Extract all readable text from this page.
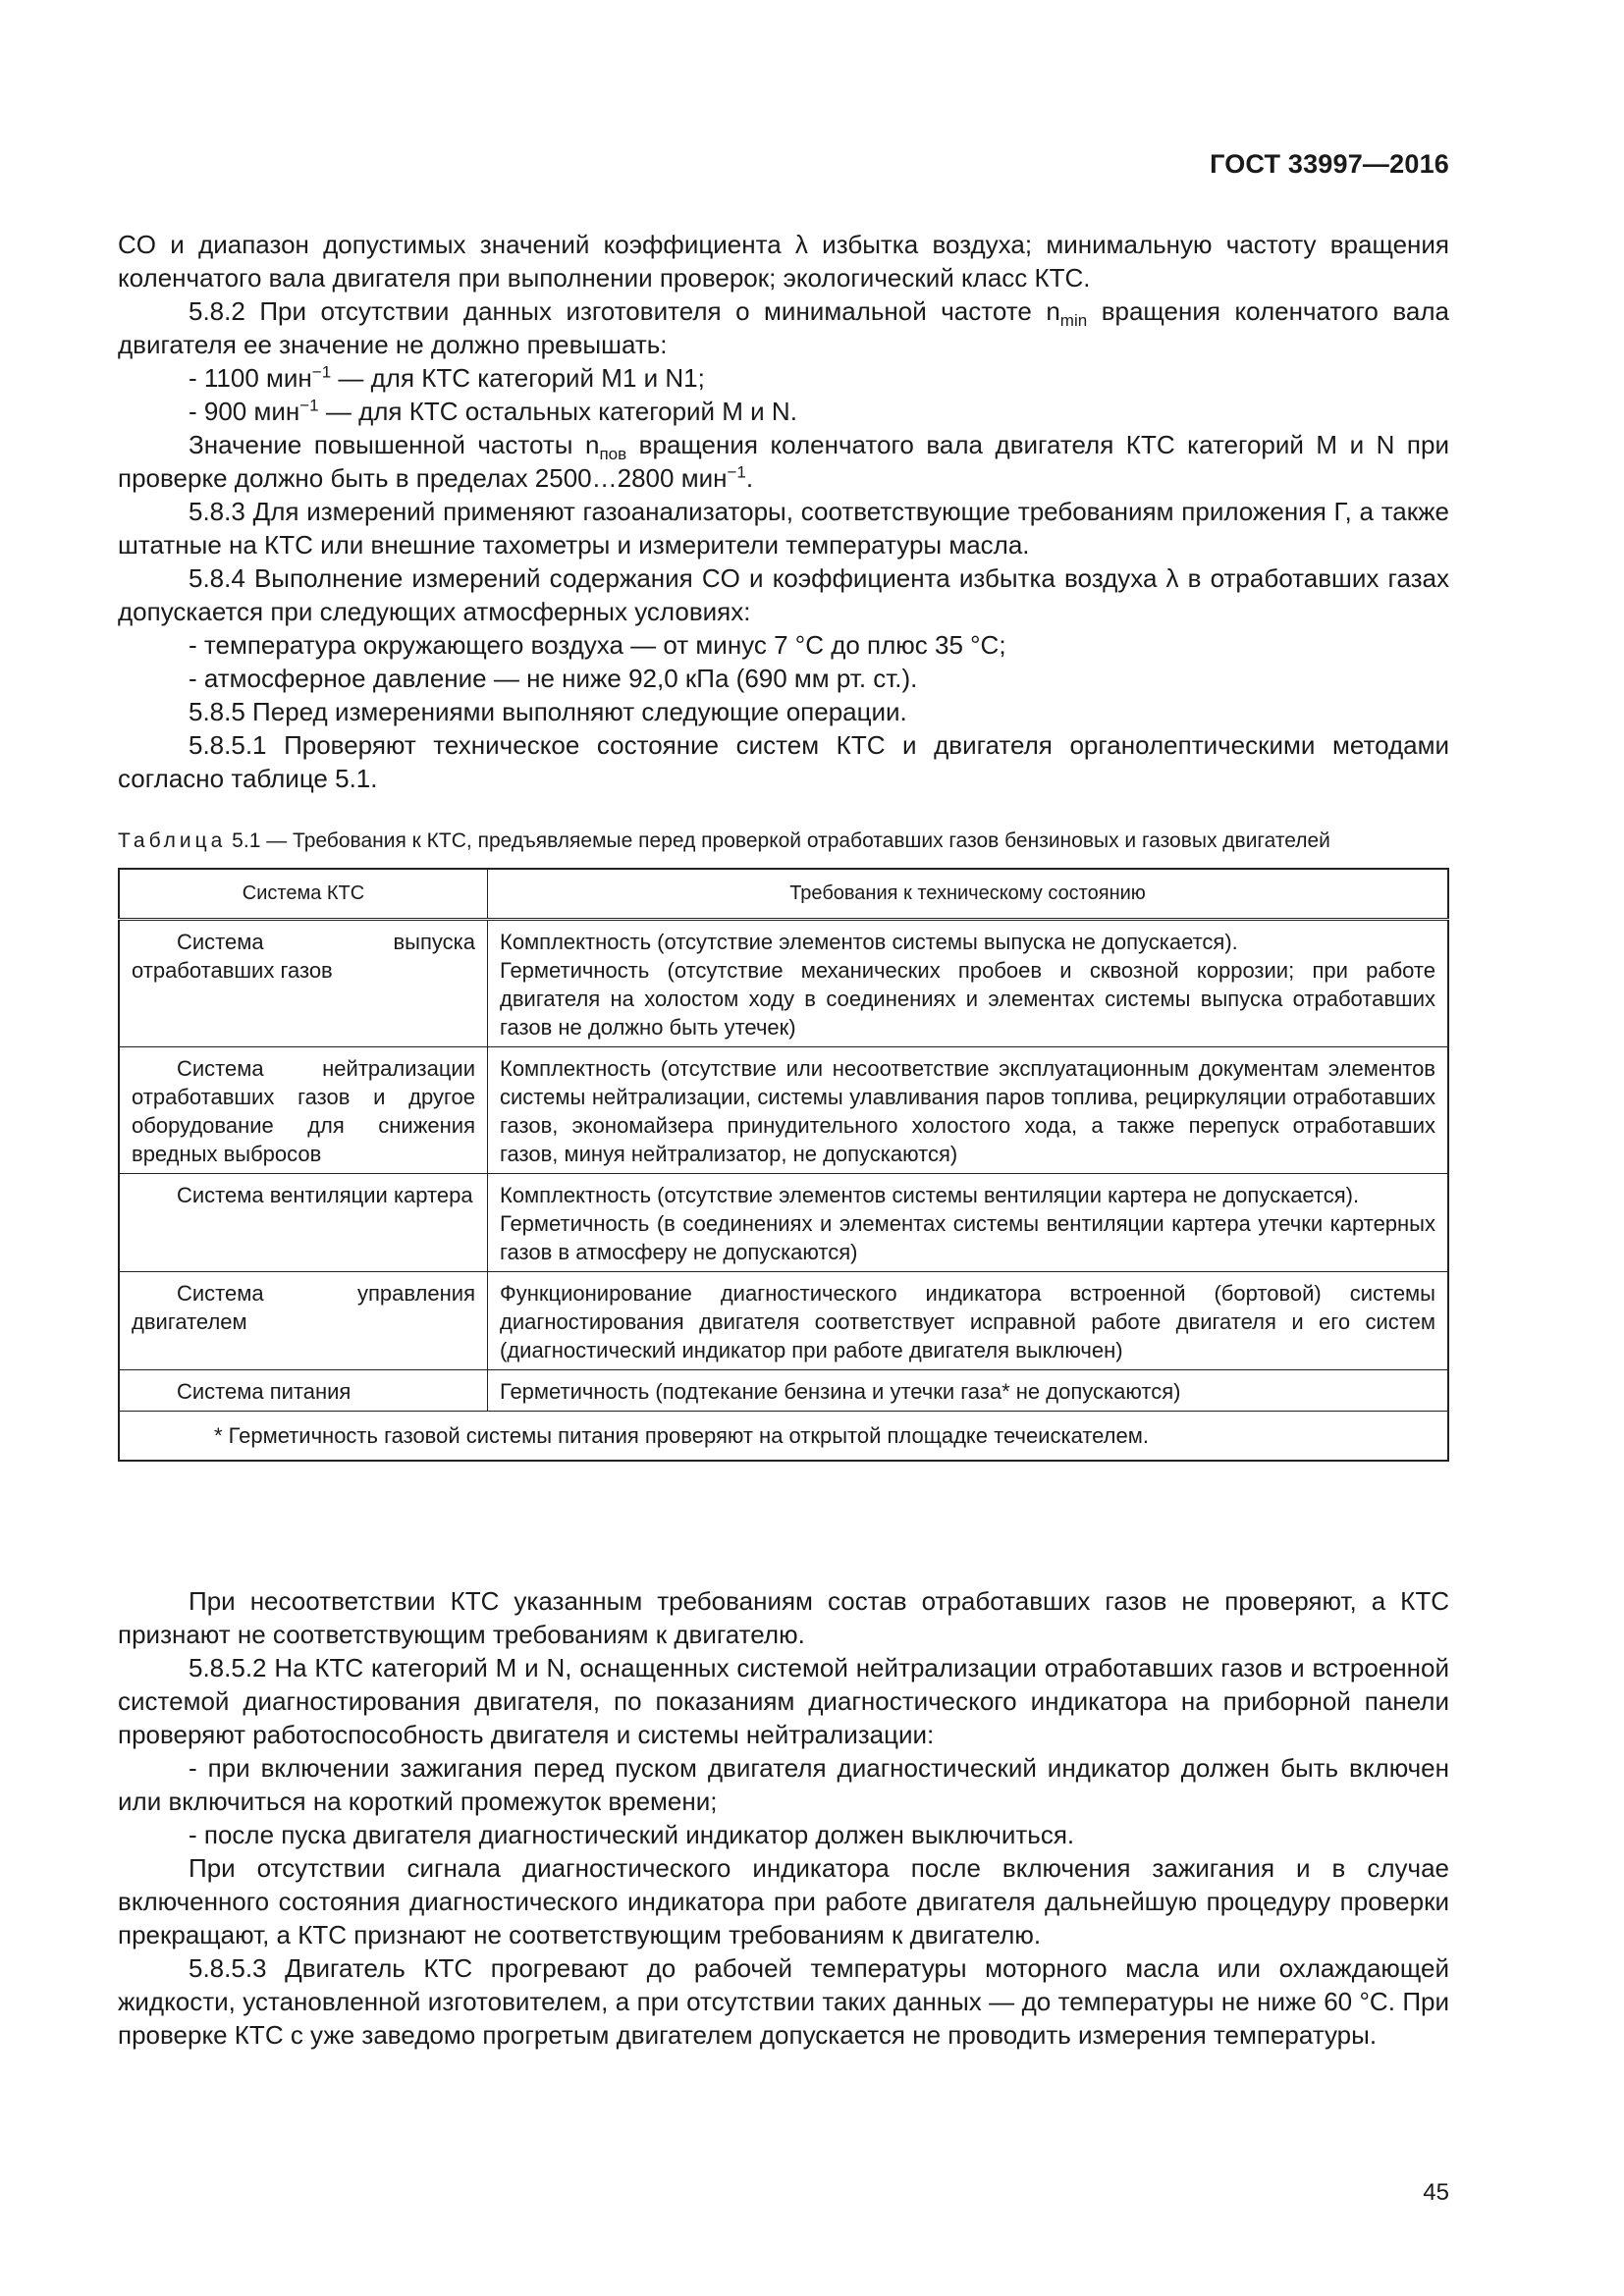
ГОСТ 33997—2016

CO и диапазон допустимых значений коэффициента λ избытка воздуха; минимальную частоту вращения коленчатого вала двигателя при выполнении проверок; экологический класс КТС.

5.8.2 При отсутствии данных изготовителя о минимальной частоте $n_{min}$ вращения коленчатого вала двигателя ее значение не должно превышать:

- 1100 мин$^{-1}$ — для КТС категорий M1 и N1;

- 900 мин$^{-1}$ — для КТС остальных категорий M и N.

Значение повышенной частоты $n_{пов}$ вращения коленчатого вала двигателя КТС категорий M и N при проверке должно быть в пределах 2500…2800 мин$^{-1}$.

5.8.3 Для измерений применяют газоанализаторы, соответствующие требованиям приложения Г, а также штатные на КТС или внешние тахометры и измерители температуры масла.

5.8.4 Выполнение измерений содержания CO и коэффициента избытка воздуха λ в отработавших газах допускается при следующих атмосферных условиях:

- температура окружающего воздуха — от минус 7 °С до плюс 35 °С;

- атмосферное давление — не ниже 92,0 кПа (690 мм рт. ст.).

5.8.5 Перед измерениями выполняют следующие операции.

5.8.5.1 Проверяют техническое состояние систем КТС и двигателя органолептическими методами согласно таблице 5.1.

Таблица 5.1 — Требования к КТС, предъявляемые перед проверкой отработавших газов бензиновых и газовых двигателей

Система КТС	Требования к техническому состоянию
Система выпуска отработавших газов	Комплектность (отсутствие элементов системы выпуска не допускается).
Герметичность (отсутствие механических пробоев и сквозной коррозии; при работе двигателя на холостом ходу в соединениях и элементах системы выпуска отработавших газов не должно быть утечек)

Система нейтрализации отработавших газов и другое оборудование для снижения вредных выбросов	Комплектность (отсутствие или несоответствие эксплуатационным документам элементов системы нейтрализации, системы улавливания паров топлива, рециркуляции отработавших газов, экономайзера принудительного холостого хода, а также перепуск отработавших газов, минуя нейтрализатор, не допускаются)

Система вентиляции картера	Комплектность (отсутствие элементов системы вентиляции картера не допускается).
Герметичность (в соединениях и элементах системы вентиляции картера утечки картерных газов в атмосферу не допускаются)

Система управления двигателем	Функционирование диагностического индикатора встроенной (бортовой) системы диагностирования двигателя соответствует исправной работе двигателя и его систем (диагностический индикатор при работе двигателя выключен)

Система питания	Герметичность (подтекание бензина и утечки газа* не допускаются)

* Герметичность газовой системы питания проверяют на открытой площадке течеискателем.	

При несоответствии КТС указанным требованиям состав отработавших газов не проверяют, а КТС признают не соответствующим требованиям к двигателю.

5.8.5.2 На КТС категорий M и N, оснащенных системой нейтрализации отработавших газов и встроенной системой диагностирования двигателя, по показаниям диагностического индикатора на приборной панели проверяют работоспособность двигателя и системы нейтрализации:

- при включении зажигания перед пуском двигателя диагностический индикатор должен быть включен или включиться на короткий промежуток времени;

- после пуска двигателя диагностический индикатор должен выключиться.

При отсутствии сигнала диагностического индикатора после включения зажигания и в случае включенного состояния диагностического индикатора при работе двигателя дальнейшую процедуру проверки прекращают, а КТС признают не соответствующим требованиям к двигателю.

5.8.5.3 Двигатель КТС прогревают до рабочей температуры моторного масла или охлаждающей жидкости, установленной изготовителем, а при отсутствии таких данных — до температуры не ниже 60 °С. При проверке КТС с уже заведомо прогретым двигателем допускается не проводить измерения температуры.

45
